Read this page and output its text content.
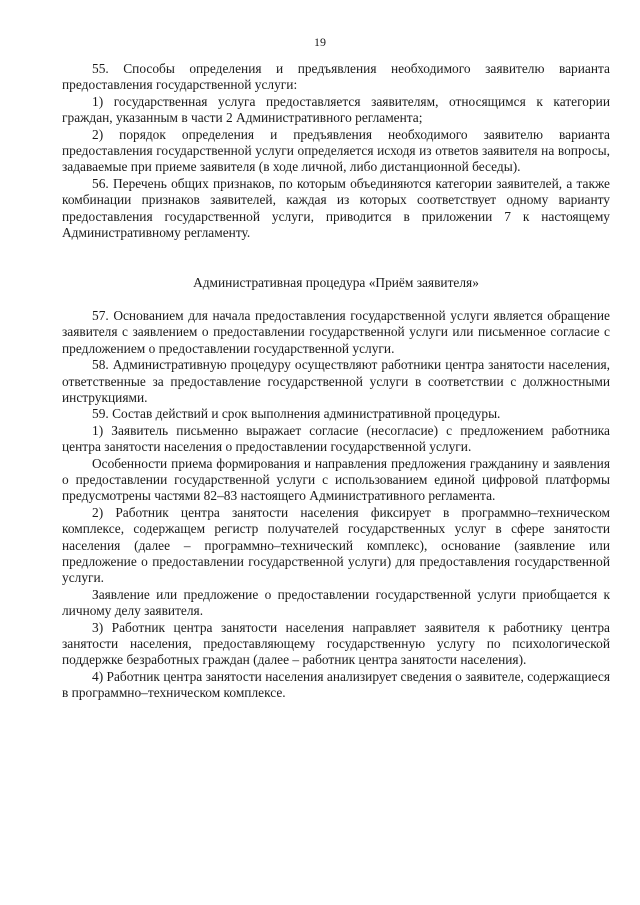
19

55. Способы определения и предъявления необходимого заявителю варианта предоставления государственной услуги:

1) государственная услуга предоставляется заявителям, относящимся к категории граждан, указанным в части 2 Административного регламента;

2) порядок определения и предъявления необходимого заявителю варианта предоставления государственной услуги определяется исходя из ответов заявителя на вопросы, задаваемые при приеме заявителя (в ходе личной, либо дистанционной беседы).

56. Перечень общих признаков, по которым объединяются категории заявителей, а также комбинации признаков заявителей, каждая из которых соответствует одному варианту предоставления государственной услуги, приводится в приложении 7 к настоящему Административному регламенту.

Административная процедура «Приём заявителя»

57. Основанием для начала предоставления государственной услуги является обращение заявителя с заявлением о предоставлении государственной услуги или письменное согласие с предложением о предоставлении государственной услуги.

58. Административную процедуру осуществляют работники центра занятости населения, ответственные за предоставление государственной услуги в соответствии с должностными инструкциями.

59. Состав действий и срок выполнения административной процедуры.

1) Заявитель письменно выражает согласие (несогласие) с предложением работника центра занятости населения о предоставлении государственной услуги.

Особенности приема формирования и направления предложения гражданину и заявления о предоставлении государственной услуги с использованием единой цифровой платформы предусмотрены частями 82–83 настоящего Административного регламента.

2) Работник центра занятости населения фиксирует в программно–техническом комплексе, содержащем регистр получателей государственных услуг в сфере занятости населения (далее – программно–технический комплекс), основание (заявление или предложение о предоставлении государственной услуги) для предоставления государственной услуги.

Заявление или предложение о предоставлении государственной услуги приобщается к личному делу заявителя.

3) Работник центра занятости населения направляет заявителя к работнику центра занятости населения, предоставляющему государственную услугу по психологической поддержке безработных граждан (далее – работник центра занятости населения).

4) Работник центра занятости населения анализирует сведения о заявителе, содержащиеся в программно–техническом комплексе.
